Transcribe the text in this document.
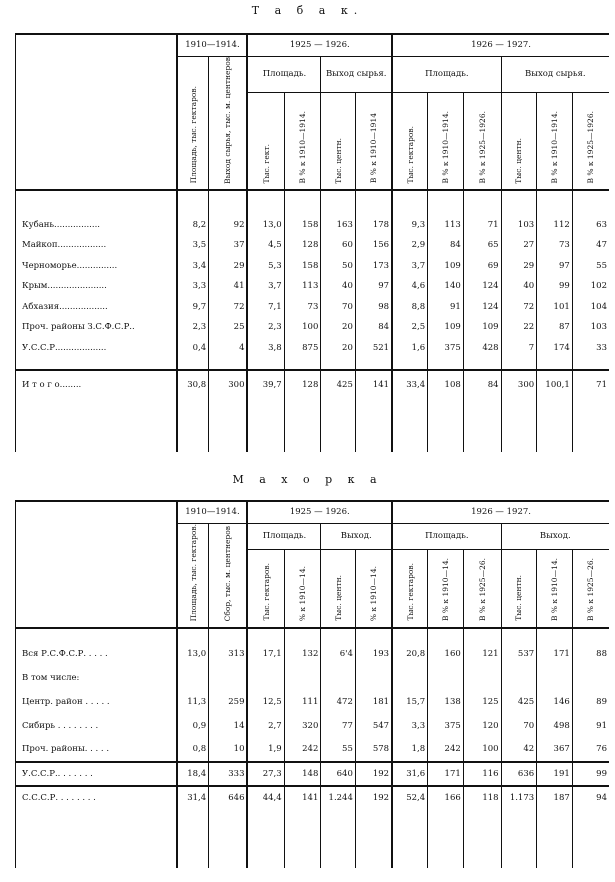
Т а б а к.
	1910—1914.		1925 — 1926.				1926 — 1927.					

	Площадь, тыс. гектаров.	Выход сырья, тыс. м. центнеров	Площадь.		Выход сырья.		Площадь.			Выход сырья.		

			Тыс. гект.	В % к 1910—1914.	Тыс. центн.	В % к 1910—1914	Тыс. гектаров.	В % к 1910—1914.	В % к 1925—1926.	Тыс. центн.	В % к 1910—1914.	В % к 1925—1926.

Кубань.................	8,2	92	13,0	158	163	178	9,3	113	71	103	112	63
Майкоп..................	3,5	37	4,5	128	60	156	2,9	84	65	27	73	47
Черноморье...............	3,4	29	5,3	158	50	173	3,7	109	69	29	97	55
Крым......................	3,3	41	3,7	113	40	97	4,6	140	124	40	99	102
Абхазия..................	9,7	72	7,1	73	70	98	8,8	91	124	72	101	104
Проч. районы З.С.Ф.С.Р..	2,3	25	2,3	100	20	84	2,5	109	109	22	87	103
У.С.С.Р...................	0,4	4	3,8	875	20	521	1,6	375	428	7	174	33

И т о г о........	30,8	300	39,7	128	425	141	33,4	108	84	300	100,1	71

М а х о р к а
	1910—1914.		1925 — 1926.				1926 — 1927.					

	Площадь, тыс. гектаров.	Сбор, тыс. м. центнеров	Площадь.		Выход.		Площадь.			Выход.		

			Тыс. гектаров.	% к 1910—14.	Тыс. центн.	% к 1910—14.	Тыс. гектаров.	В % к 1910—14.	В % к 1925—26.	Тыс. центн.	В % к 1910—14.	В % к 1925—26.

Вся Р.С.Ф.С.Р. . . . .	13,0	313	17,1	132	6'4	193	20,8	160	121	537	171	88
В том числе:												
Центр. район . . . . .	11,3	259	12,5	111	472	181	15,7	138	125	425	146	89
Сибирь . . . . . . . .	0,9	14	2,7	320	77	547	3,3	375	120	70	498	91
Проч. районы. . . . .	0,8	10	1,9	242	55	578	1,8	242	100	42	367	76
У.С.С.Р.. . . . . . .	18,4	333	27,3	148	640	192	31,6	171	116	636	191	99
С.С.С.Р. . . . . . . .	31,4	646	44,4	141	1.244	192	52,4	166	118	1.173	187	94
